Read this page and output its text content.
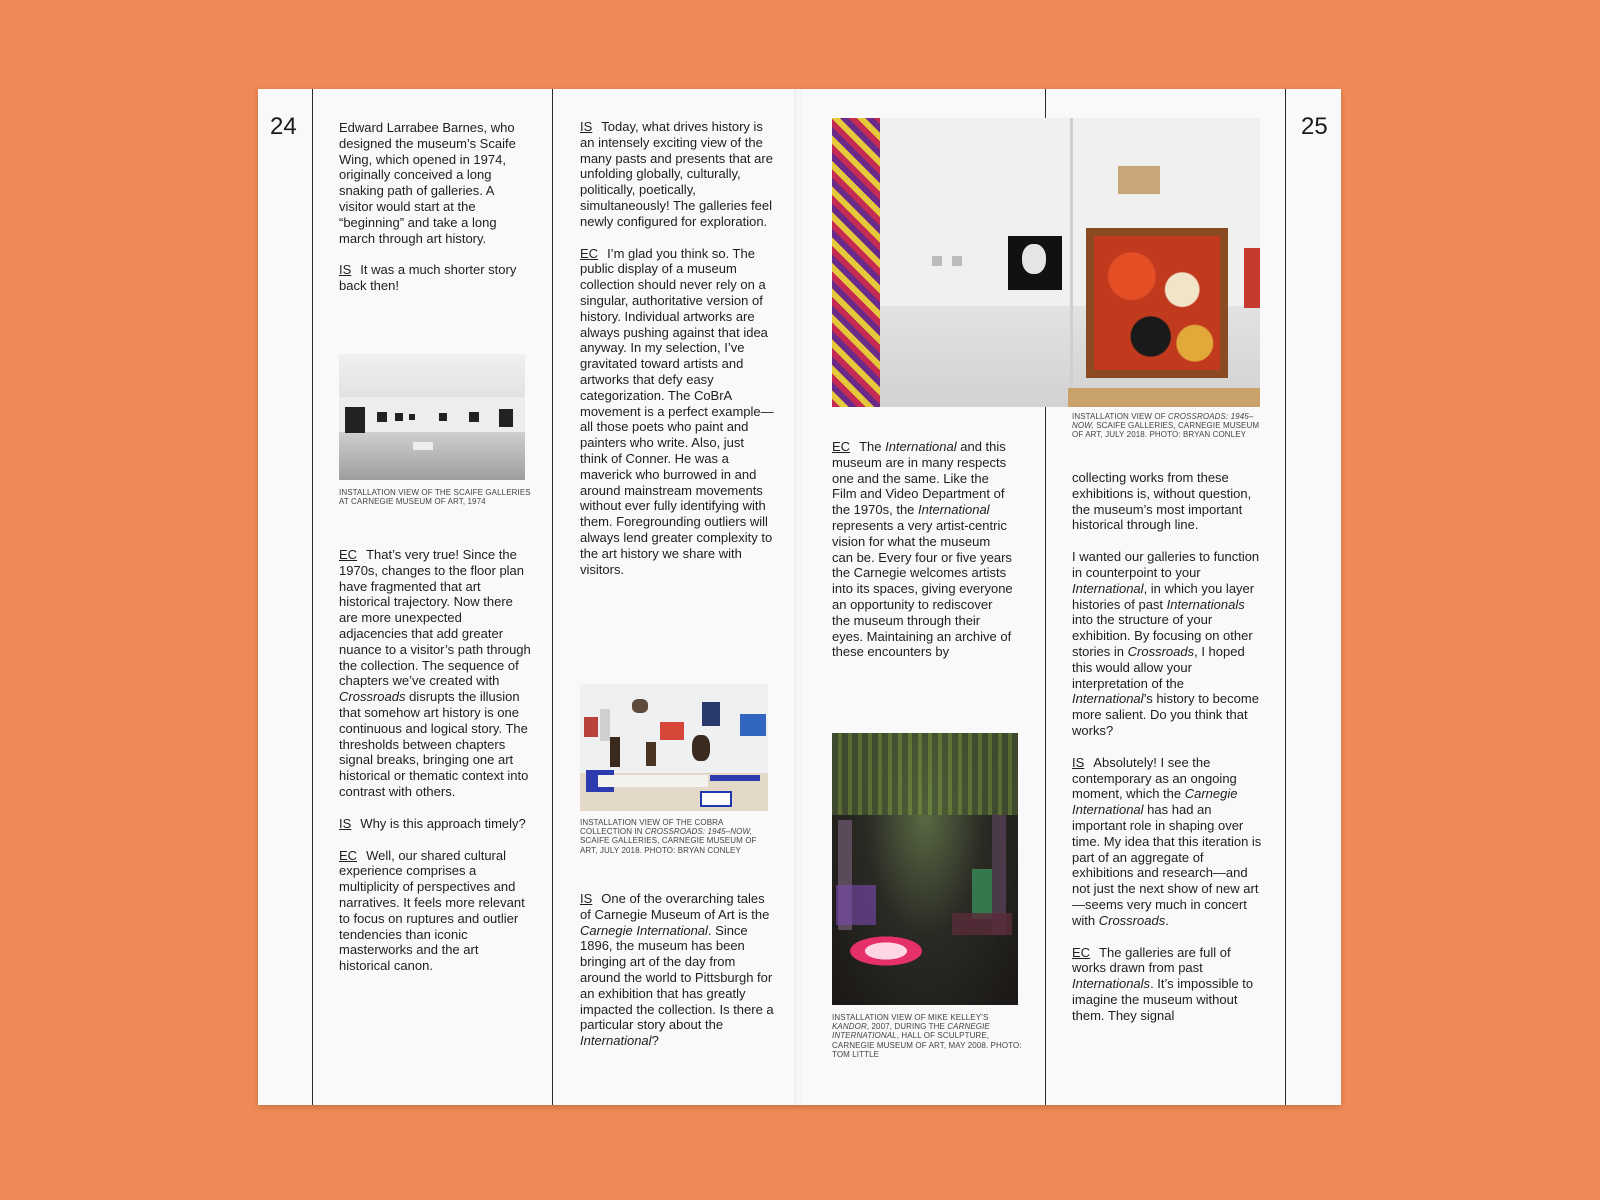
24	25

Edward Larrabee Barnes, who designed the museum’s Scaife Wing, which opened in 1974, originally conceived a long snaking path of galleries. A visitor would start at the “beginning” and take a long march through art history.

IS It was a much shorter story back then!

INSTALLATION VIEW OF THE SCAIFE GALLERIES AT CARNEGIE MUSEUM OF ART, 1974

EC That’s very true! Since the 1970s, changes to the floor plan have fragmented that art historical trajectory. Now there are more unexpected adjacencies that add greater nuance to a visitor’s path through the collection. The sequence of chapters we’ve created with Crossroads disrupts the illusion that somehow art history is one continuous and logical story. The thresholds between chapters signal breaks, bringing one art historical or thematic context into contrast with others.

IS Why is this approach timely?

EC Well, our shared cultural experience comprises a multiplicity of perspectives and narratives. It feels more relevant to focus on ruptures and outlier tendencies than iconic masterworks and the art historical canon.

IS Today, what drives history is an intensely exciting view of the many pasts and presents that are unfolding globally, culturally, politically, poetically, simultaneously! The galleries feel newly configured for exploration.

EC I’m glad you think so. The public display of a museum collection should never rely on a singular, authoritative version of history. Individual artworks are always pushing against that idea anyway. In my selection, I’ve gravitated toward artists and artworks that defy easy categorization. The CoBrA movement is a perfect example—all those poets who paint and painters who write. Also, just think of Conner. He was a maverick who burrowed in and around mainstream movements without ever fully identifying with them. Foregrounding outliers will always lend greater complexity to the art history we share with visitors.

INSTALLATION VIEW OF THE COBRA COLLECTION IN CROSSROADS: 1945–NOW, SCAIFE GALLERIES, CARNEGIE MUSEUM OF ART, JULY 2018. PHOTO: BRYAN CONLEY

IS One of the overarching tales of Carnegie Museum of Art is the Carnegie International. Since 1896, the museum has been bringing art of the day from around the world to Pittsburgh for an exhibition that has greatly impacted the collection. Is there a particular story about the International?

INSTALLATION VIEW OF CROSSROADS: 1945–NOW, SCAIFE GALLERIES, CARNEGIE MUSEUM OF ART, JULY 2018. PHOTO: BRYAN CONLEY

EC The International and this museum are in many respects one and the same. Like the Film and Video Department of the 1970s, the International represents a very artist-centric vision for what the museum can be. Every four or five years the Carnegie welcomes artists into its spaces, giving everyone an opportunity to rediscover the museum through their eyes. Maintaining an archive of these encounters by

INSTALLATION VIEW OF MIKE KELLEY’S KANDOR, 2007, DURING THE CARNEGIE INTERNATIONAL, HALL OF SCULPTURE, CARNEGIE MUSEUM OF ART, MAY 2008. PHOTO: TOM LITTLE

collecting works from these exhibitions is, without question, the museum’s most important historical through line.

I wanted our galleries to function in counterpoint to your International, in which you layer histories of past Internationals into the structure of your exhibition. By focusing on other stories in Crossroads, I hoped this would allow your interpretation of the International’s history to become more salient. Do you think that works?

IS Absolutely! I see the contemporary as an ongoing moment, which the Carnegie International has had an important role in shaping over time. My idea that this iteration is part of an aggregate of exhibitions and research—and not just the next show of new art—seems very much in concert with Crossroads.

EC The galleries are full of works drawn from past Internationals. It’s impossible to imagine the museum without them. They signal
